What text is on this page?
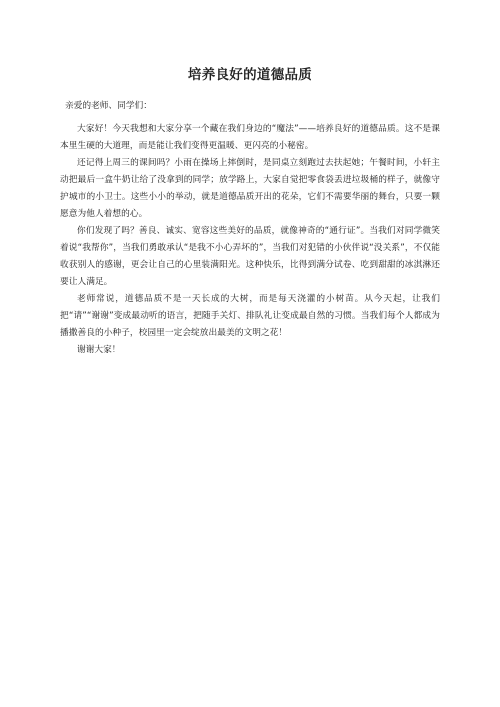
培养良好的道德品质

亲爱的老师、同学们：

大家好！今天我想和大家分享一个藏在我们身边的“魔法”——培养良好的道德品质。这不是课本里生硬的大道理，而是能让我们变得更温暖、更闪亮的小秘密。

还记得上周三的课间吗？小雨在操场上摔倒时，是同桌立刻跑过去扶起她；午餐时间，小轩主动把最后一盒牛奶让给了没拿到的同学；放学路上，大家自觉把零食袋丢进垃圾桶的样子，就像守护城市的小卫士。这些小小的举动，就是道德品质开出的花朵，它们不需要华丽的舞台，只要一颗愿意为他人着想的心。

你们发现了吗？善良、诚实、宽容这些美好的品质，就像神奇的“通行证”。当我们对同学微笑着说“我帮你”，当我们勇敢承认“是我不小心弄坏的”，当我们对犯错的小伙伴说“没关系”，不仅能收获别人的感谢，更会让自己的心里装满阳光。这种快乐，比得到满分试卷、吃到甜甜的冰淇淋还要让人满足。

老师常说，道德品质不是一天长成的大树，而是每天浇灌的小树苗。从今天起，让我们把“请”“谢谢”变成最动听的语言，把随手关灯、排队礼让变成最自然的习惯。当我们每个人都成为播撒善良的小种子，校园里一定会绽放出最美的文明之花！

谢谢大家！
